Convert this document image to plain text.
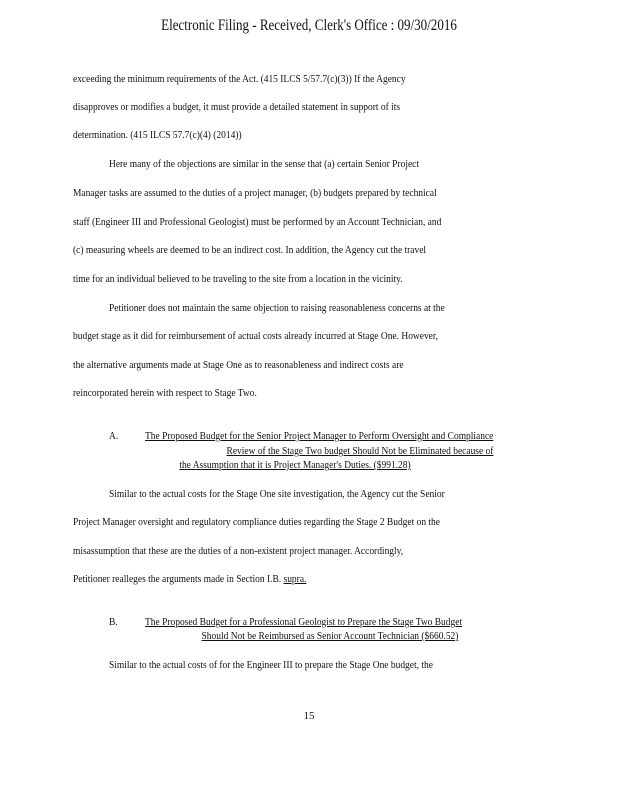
Electronic Filing - Received, Clerk's Office : 09/30/2016
exceeding the minimum requirements of the Act. (415 ILCS 5/57.7(c)(3)) If the Agency
disapproves or modifies a budget, it must provide a detailed statement in support of its
determination. (415 ILCS 57.7(c)(4) (2014))
Here many of the objections are similar in the sense that (a) certain Senior Project
Manager tasks are assumed to the duties of a project manager, (b) budgets prepared by technical
staff (Engineer III and Professional Geologist) must be performed by an Account Technician, and
(c) measuring wheels are deemed to be an indirect cost. In addition, the Agency cut the travel
time for an individual believed to be traveling to the site from a location in the vicinity.
Petitioner does not maintain the same objection to raising reasonableness concerns at the
budget stage as it did for reimbursement of actual costs already incurred at Stage One. However,
the alternative arguments made at Stage One as to reasonableness and indirect costs are
reincorporated herein with respect to Stage Two.
A. The Proposed Budget for the Senior Project Manager to Perform Oversight and Compliance
Review of the Stage Two budget Should Not be Eliminated because of
the Assumption that it is Project Manager's Duties. ($991.28)
Similar to the actual costs for the Stage One site investigation, the Agency cut the Senior
Project Manager oversight and regulatory compliance duties regarding the Stage 2 Budget on the
misassumption that these are the duties of a non-existent project manager. Accordingly,
Petitioner realleges the arguments made in Section I.B. supra.
B. The Proposed Budget for a Professional Geologist to Prepare the Stage Two Budget
Should Not be Reimbursed as Senior Account Technician ($660.52)
Similar to the actual costs of for the Engineer III to prepare the Stage One budget, the
15
